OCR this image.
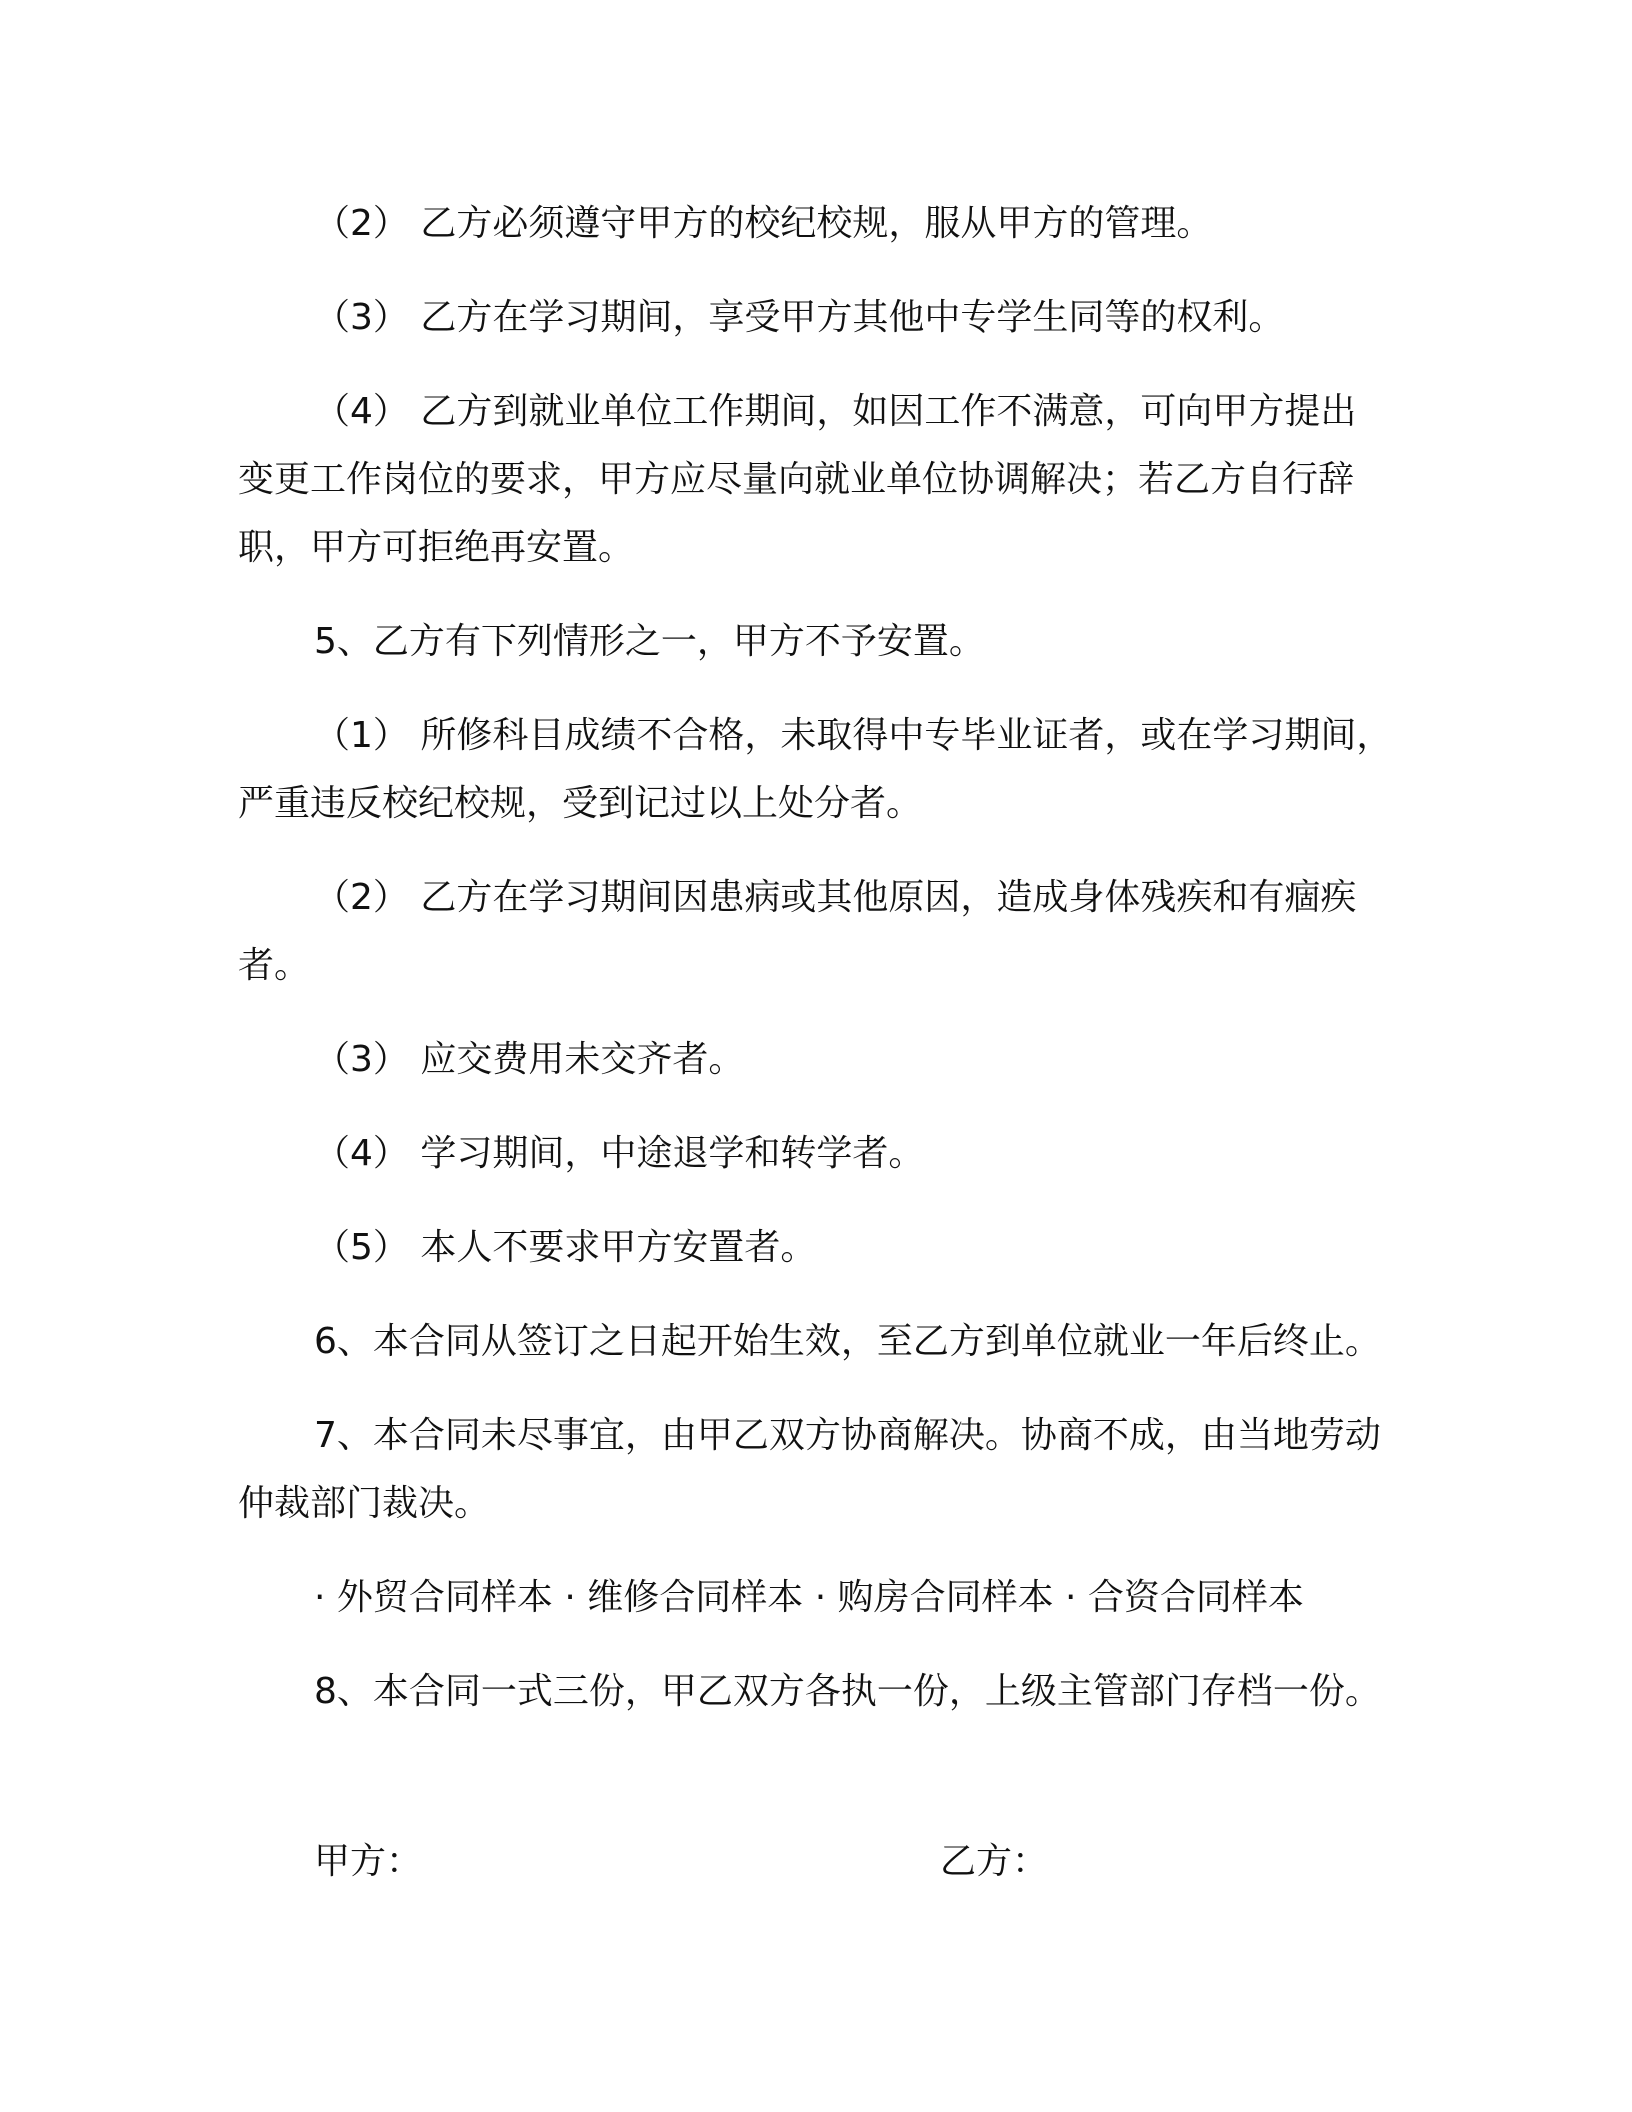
（2） 乙方必须遵守甲方的校纪校规，服从甲方的管理。

（3） 乙方在学习期间，享受甲方其他中专学生同等的权利。

（4） 乙方到就业单位工作期间，如因工作不满意，可向甲方提出变更工作岗位的要求，甲方应尽量向就业单位协调解决；若乙方自行辞职，甲方可拒绝再安置。

5、乙方有下列情形之一，甲方不予安置。

（1） 所修科目成绩不合格，未取得中专毕业证者，或在学习期间，严重违反校纪校规，受到记过以上处分者。

（2） 乙方在学习期间因患病或其他原因，造成身体残疾和有痼疾者。

（3） 应交费用未交齐者。

（4） 学习期间，中途退学和转学者。

（5） 本人不要求甲方安置者。

6、本合同从签订之日起开始生效，至乙方到单位就业一年后终止。

7、本合同未尽事宜，由甲乙双方协商解决。协商不成，由当地劳动仲裁部门裁决。

· 外贸合同样本 · 维修合同样本 · 购房合同样本 · 合资合同样本

8、本合同一式三份，甲乙双方各执一份，上级主管部门存档一份。

甲方：	乙方：
